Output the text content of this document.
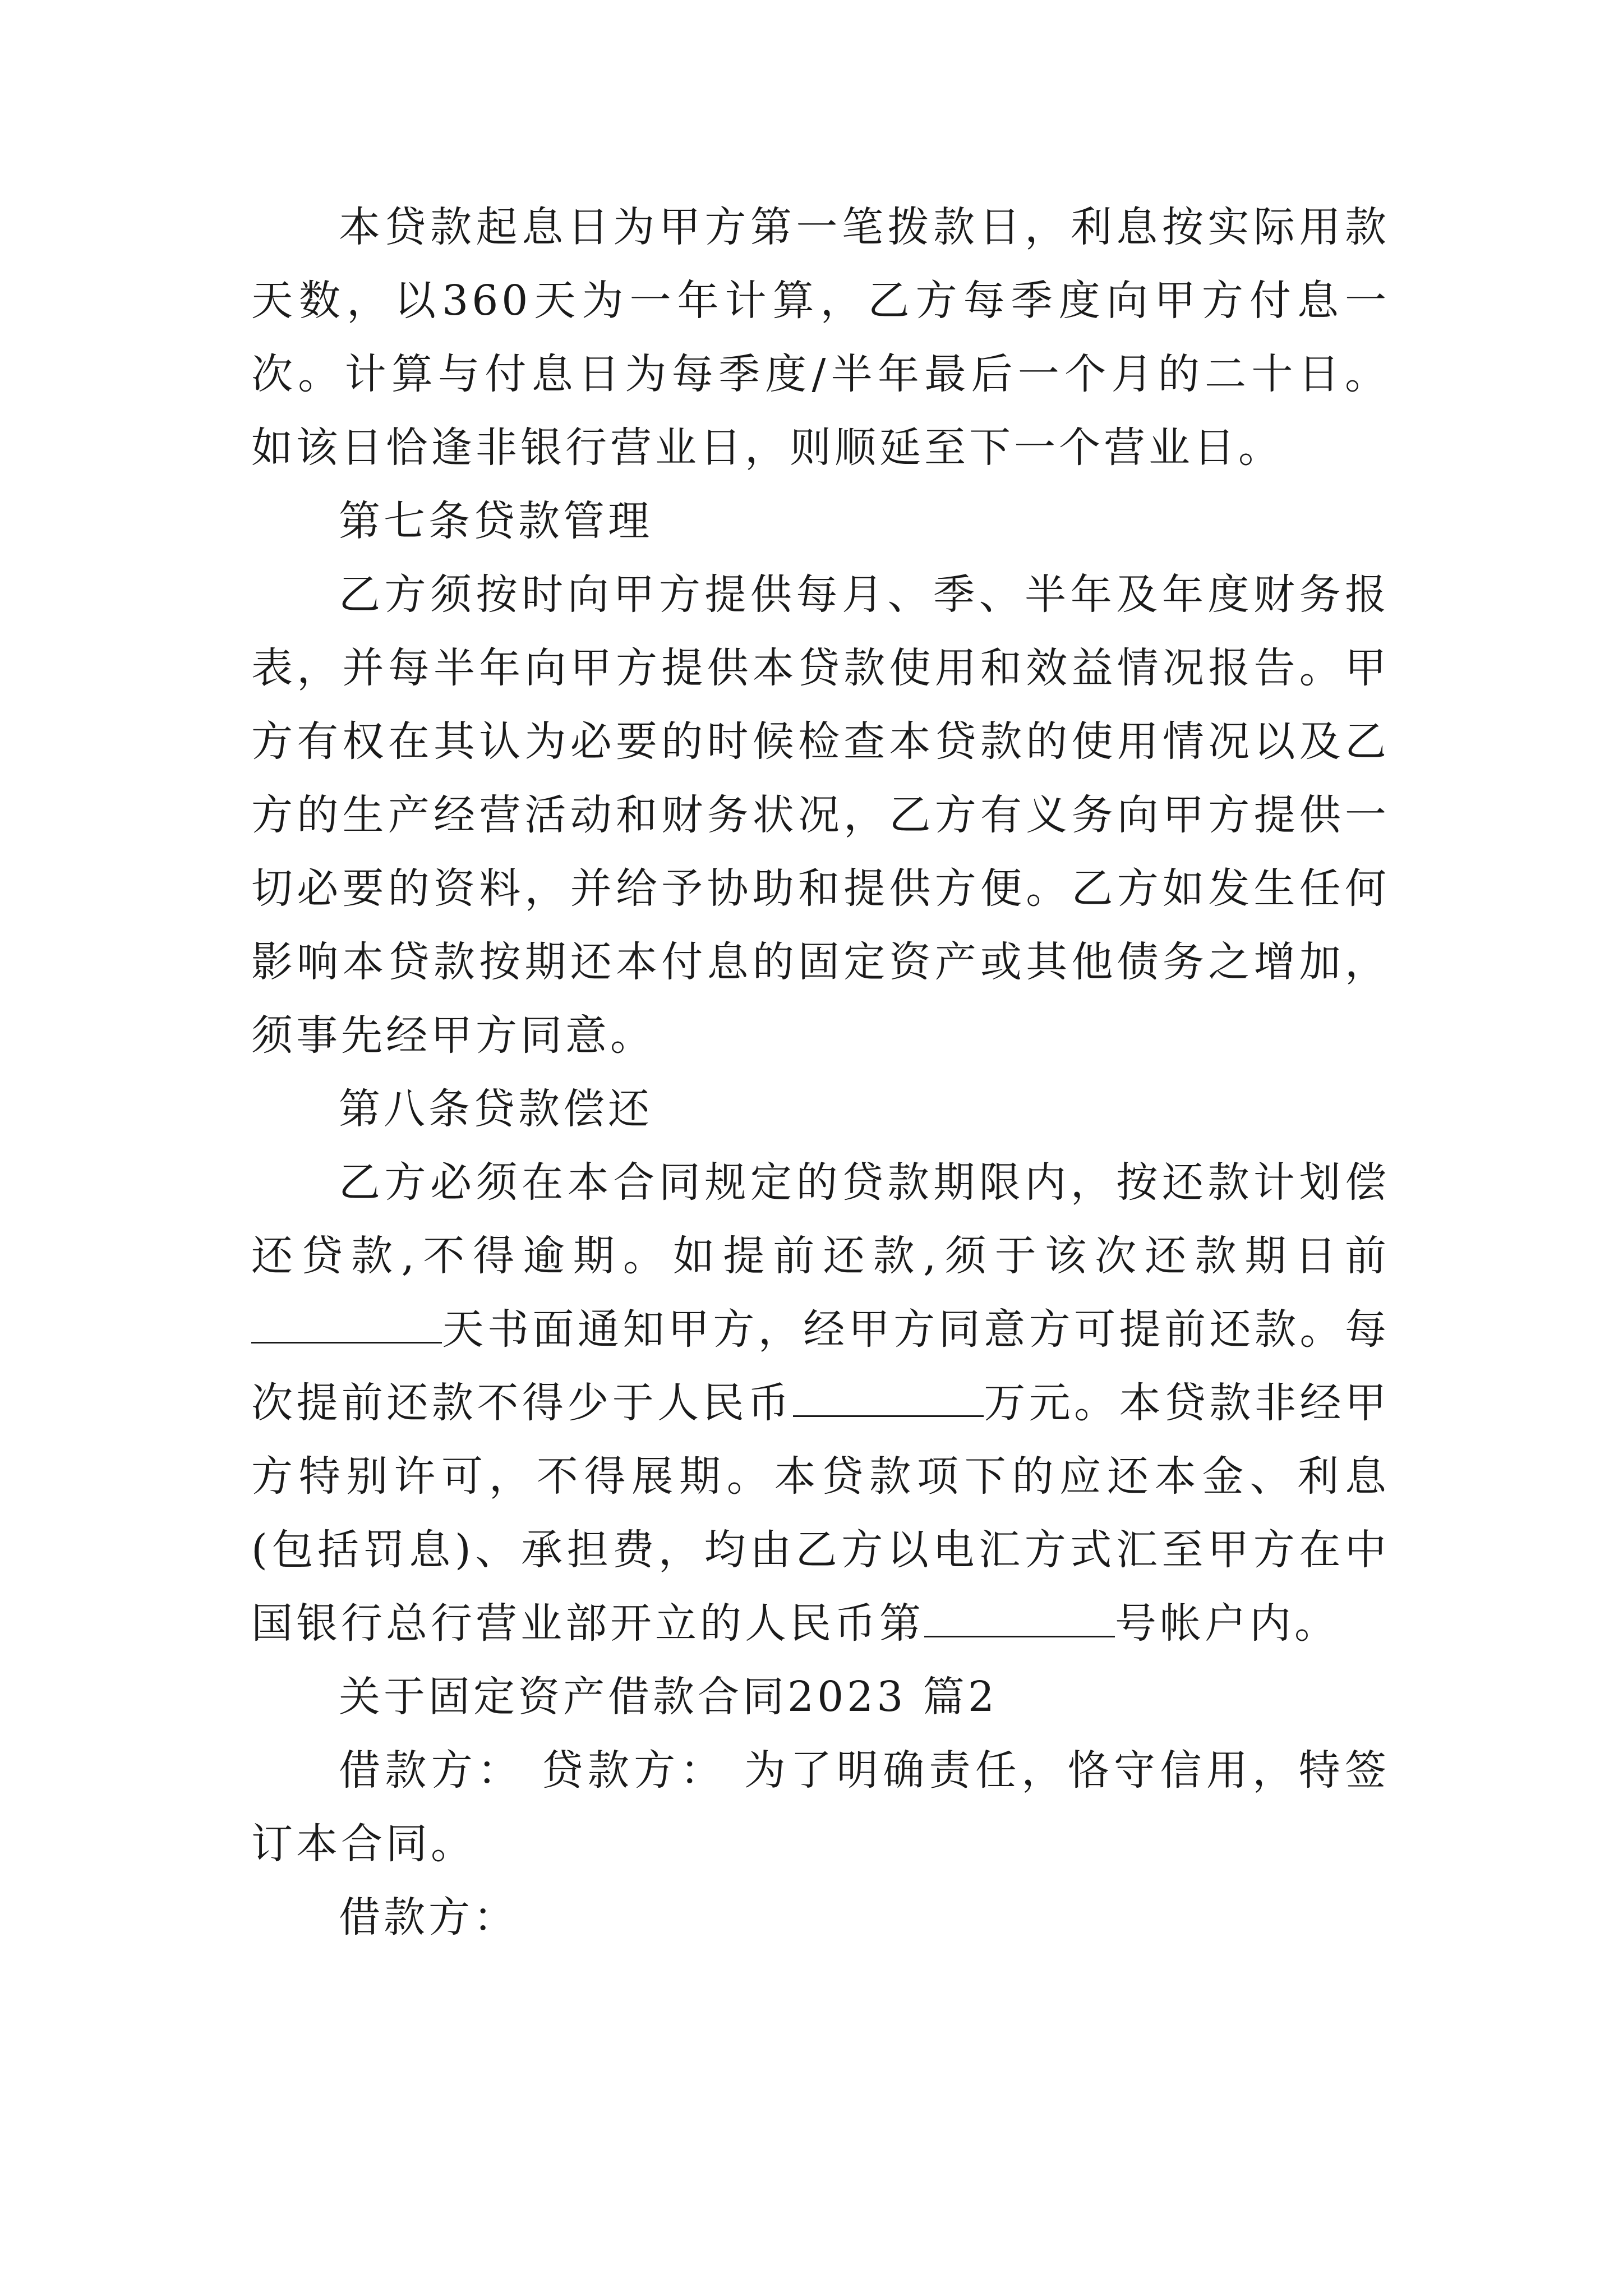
本贷款起息日为甲方第一笔拨款日，利息按实际用款天数，以360天为一年计算，乙方每季度向甲方付息一次。计算与付息日为每季度/半年最后一个月的二十日。如该日恰逢非银行营业日，则顺延至下一个营业日。

第七条贷款管理

乙方须按时向甲方提供每月、季、半年及年度财务报表，并每半年向甲方提供本贷款使用和效益情况报告。甲方有权在其认为必要的时候检查本贷款的使用情况以及乙方的生产经营活动和财务状况，乙方有义务向甲方提供一切必要的资料，并给予协助和提供方便。乙方如发生任何影响本贷款按期还本付息的固定资产或其他债务之增加，须事先经甲方同意。

第八条贷款偿还

乙方必须在本合同规定的贷款期限内，按还款计划偿还贷款,不得逾期。如提前还款,须于该次还款期日前天书面通知甲方，经甲方同意方可提前还款。每次提前还款不得少于人民币	万元。本贷款非经甲方特别许可，不得展期。本贷款项下的应还本金、利息(包括罚息)、承担费，均由乙方以电汇方式汇至甲方在中国银行总行营业部开立的人民币第	号帐户内。

关于固定资产借款合同2023 篇2

借款方： 贷款方： 为了明确责任，恪守信用，特签订本合同。

借款方：
